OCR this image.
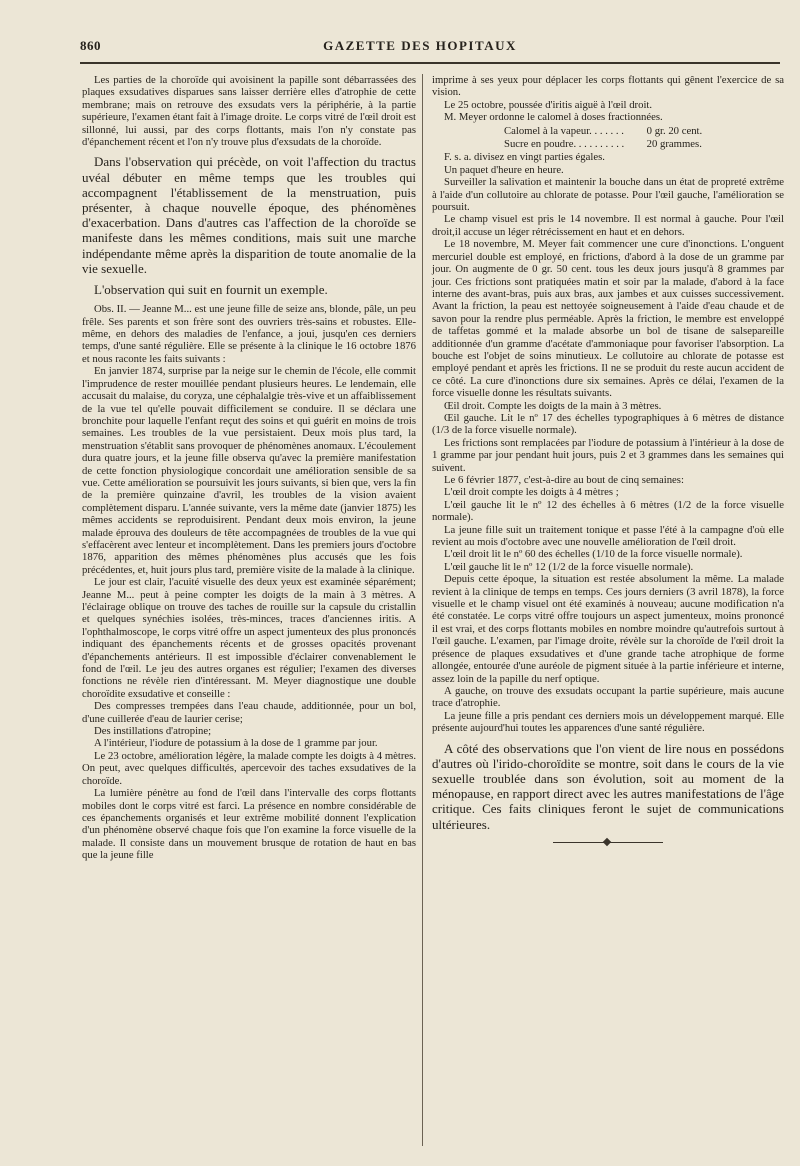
860	GAZETTE DES HOPITAUX

Les parties de la choroïde qui avoisinent la papille sont débarrassées des plaques exsudatives disparues sans laisser derrière elles d'atrophie de cette membrane; mais on retrouve des exsudats vers la périphérie, à la partie supérieure, l'examen étant fait à l'image droite. Le corps vitré de l'œil droit est sillonné, lui aussi, par des corps flottants, mais l'on n'y constate pas d'épanchement récent et l'on n'y trouve plus d'exsudats de la choroïde.

Dans l'observation qui précède, on voit l'affection du tractus uvéal débuter en même temps que les troubles qui accompagnent l'établissement de la menstruation, puis présenter, à chaque nouvelle époque, des phénomènes d'exacerbation. Dans d'autres cas l'affection de la choroïde se manifeste dans les mêmes conditions, mais suit une marche indépendante même après la disparition de toute anomalie de la vie sexuelle.

L'observation qui suit en fournit un exemple.

Obs. II. — Jeanne M... est une jeune fille de seize ans, blonde, pâle, un peu frêle. Ses parents et son frère sont des ouvriers très-sains et robustes. Elle-même, en dehors des maladies de l'enfance, a joui, jusqu'en ces derniers temps, d'une santé régulière. Elle se présente à la clinique le 16 octobre 1876 et nous raconte les faits suivants :

En janvier 1874, surprise par la neige sur le chemin de l'école, elle commit l'imprudence de rester mouillée pendant plusieurs heures. Le lendemain, elle accusait du malaise, du coryza, une céphalalgie très-vive et un affaiblissement de la vue tel qu'elle pouvait difficilement se conduire. Il se déclara une bronchite pour laquelle l'enfant reçut des soins et qui guérit en moins de trois semaines. Les troubles de la vue persistaient. Deux mois plus tard, la menstruation s'établit sans provoquer de phénomènes anomaux. L'écoulement dura quatre jours, et la jeune fille observa qu'avec la première manifestation de cette fonction physiologique concordait une amélioration sensible de sa vue. Cette amélioration se poursuivit les jours suivants, si bien que, vers la fin de la première quinzaine d'avril, les troubles de la vision avaient complètement disparu. L'année suivante, vers la même date (janvier 1875) les mêmes accidents se reproduisirent. Pendant deux mois environ, la jeune malade éprouva des douleurs de tête accompagnées de troubles de la vue qui s'effacèrent avec lenteur et incomplètement. Dans les premiers jours d'octobre 1876, apparition des mêmes phénomènes plus accusés que les fois précédentes, et, huit jours plus tard, première visite de la malade à la clinique.

Le jour est clair, l'acuité visuelle des deux yeux est examinée séparément; Jeanne M... peut à peine compter les doigts de la main à 3 mètres. A l'éclairage oblique on trouve des taches de rouille sur la capsule du cristallin et quelques synéchies isolées, très-minces, traces d'anciennes iritis. A l'ophthalmoscope, le corps vitré offre un aspect jumenteux des plus prononcés indiquant des épanchements récents et de grosses opacités provenant d'épanchements antérieurs. Il est impossible d'éclairer convenablement le fond de l'œil. Le jeu des autres organes est régulier; l'examen des diverses fonctions ne révèle rien d'intéressant. M. Meyer diagnostique une double choroïdite exsudative et conseille :

Des compresses trempées dans l'eau chaude, additionnée, pour un bol, d'une cuillerée d'eau de laurier cerise;

Des instillations d'atropine;

A l'intérieur, l'iodure de potassium à la dose de 1 gramme par jour.

Le 23 octobre, amélioration légère, la malade compte les doigts à 4 mètres. On peut, avec quelques difficultés, apercevoir des taches exsudatives de la choroïde.

La lumière pénètre au fond de l'œil dans l'intervalle des corps flottants mobiles dont le corps vitré est farci. La présence en nombre considérable de ces épanchements organisés et leur extrême mobilité donnent l'explication d'un phénomène observé chaque fois que l'on examine la force visuelle de la malade. Il consiste dans un mouvement brusque de rotation de haut en bas que la jeune fille

imprime à ses yeux pour déplacer les corps flottants qui gênent l'exercice de sa vision.

Le 25 octobre, poussée d'iritis aiguë à l'œil droit.

M. Meyer ordonne le calomel à doses fractionnées.

Calomel à la vapeur. . . . . . . 0 gr. 20 cent.
Sucre en poudre. . . . . . . . . . 20 grammes.

F. s. a. divisez en vingt parties égales.

Un paquet d'heure en heure.

Surveiller la salivation et maintenir la bouche dans un état de propreté extrême à l'aide d'un collutoire au chlorate de potasse. Pour l'œil gauche, l'amélioration se poursuit.

Le champ visuel est pris le 14 novembre. Il est normal à gauche. Pour l'œil droit,il accuse un léger rétrécissement en haut et en dehors.

Le 18 novembre, M. Meyer fait commencer une cure d'inonctions. L'onguent mercuriel double est employé, en frictions, d'abord à la dose de un gramme par jour. On augmente de 0 gr. 50 cent. tous les deux jours jusqu'à 8 grammes par jour. Ces frictions sont pratiquées matin et soir par la malade, d'abord à la face interne des avant-bras, puis aux bras, aux jambes et aux cuisses successivement. Avant la friction, la peau est nettoyée soigneusement à l'aide d'eau chaude et de savon pour la rendre plus perméable. Après la friction, le membre est enveloppé de taffetas gommé et la malade absorbe un bol de tisane de salsepareille additionnée d'un gramme d'acétate d'ammoniaque pour favoriser l'absorption. La bouche est l'objet de soins minutieux. Le collutoire au chlorate de potasse est employé pendant et après les frictions. Il ne se produit du reste aucun accident de ce côté. La cure d'inonctions dure six semaines. Après ce délai, l'examen de la force visuelle donne les résultats suivants.

Œil droit. Compte les doigts de la main à 3 mètres.

Œil gauche. Lit le nº 17 des échelles typographiques à 6 mètres de distance (1/3 de la force visuelle normale).

Les frictions sont remplacées par l'iodure de potassium à l'intérieur à la dose de 1 gramme par jour pendant huit jours, puis 2 et 3 grammes dans les semaines qui suivent.

Le 6 février 1877, c'est-à-dire au bout de cinq semaines:

L'œil droit compte les doigts à 4 mètres ;

L'œil gauche lit le nº 12 des échelles à 6 mètres (1/2 de la force visuelle normale).

La jeune fille suit un traitement tonique et passe l'été à la campagne d'où elle revient au mois d'octobre avec une nouvelle amélioration de l'œil droit.

L'œil droit lit le nº 60 des échelles (1/10 de la force visuelle normale).

L'œil gauche lit le nº 12 (1/2 de la force visuelle normale).

Depuis cette époque, la situation est restée absolument la même. La malade revient à la clinique de temps en temps. Ces jours derniers (3 avril 1878), la force visuelle et le champ visuel ont été examinés à nouveau; aucune modification n'a été constatée. Le corps vitré offre toujours un aspect jumenteux, moins prononcé il est vrai, et des corps flottants mobiles en nombre moindre qu'autrefois surtout à l'œil gauche. L'examen, par l'image droite, révèle sur la choroïde de l'œil droit la présence de plaques exsudatives et d'une grande tache atrophique de forme allongée, entourée d'une auréole de pigment située à la partie inférieure et interne, assez loin de la papille du nerf optique.

A gauche, on trouve des exsudats occupant la partie supérieure, mais aucune trace d'atrophie.

La jeune fille a pris pendant ces derniers mois un développement marqué. Elle présente aujourd'hui toutes les apparences d'une santé régulière.

A côté des observations que l'on vient de lire nous en possédons d'autres où l'irido-choroïdite se montre, soit dans le cours de la vie sexuelle troublée dans son évolution, soit au moment de la ménopause, en rapport direct avec les autres manifestations de l'âge critique. Ces faits cliniques feront le sujet de communications ultérieures.
